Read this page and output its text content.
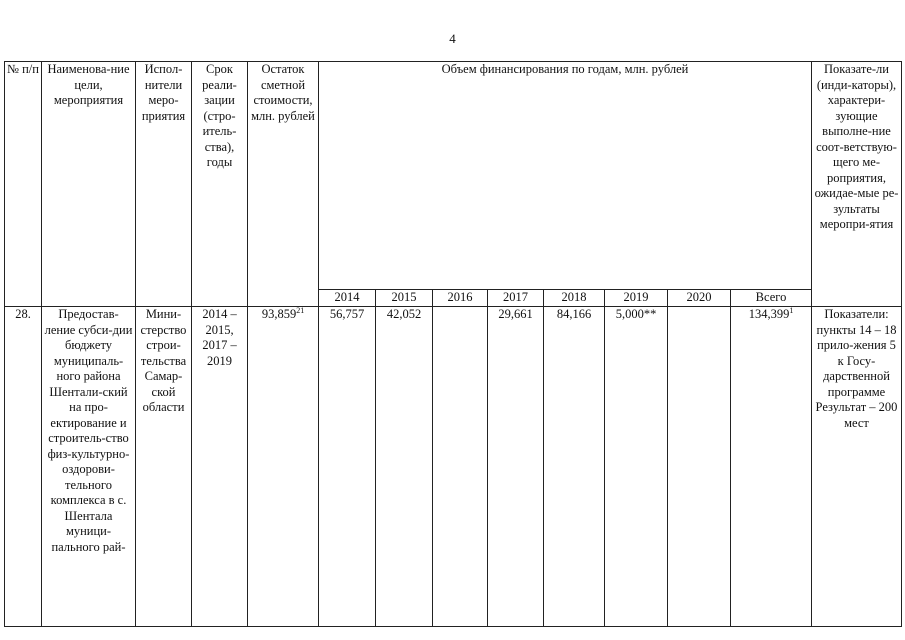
4
№ п/п	Наименова-ние цели, мероприятия	Испол-нители меро-приятия	Срок реали-зации (стро-итель-ства), годы	Остаток сметной стоимости, млн. рублей	Объем финансирования по годам, млн. рублей								Показате-ли (инди-каторы), характери-зующие выполне-ние соот-ветствую-щего ме-роприятия, ожидае-мые ре-зультаты меропри-ятия
					2014	2015	2016	2017	2018	2019	2020	Всего	
28.	Предостав-ление субси-дии бюджету муниципаль-ного района Шентали-ский на про-ектирование и строитель-ство физ-культурно-оздорови-тельного комплекса в с. Шентала муници-пального рай-	Мини-стерство строи-тельства Самар-ской области	2014 – 2015, 2017 – 2019	93,859$^{21}$	56,757	42,052		29,661	84,166	5,000**		134,399$^1$	Показатели: пункты 14 – 18 прило-жения 5 к Госу-дарственной программе Результат – 200 мест
